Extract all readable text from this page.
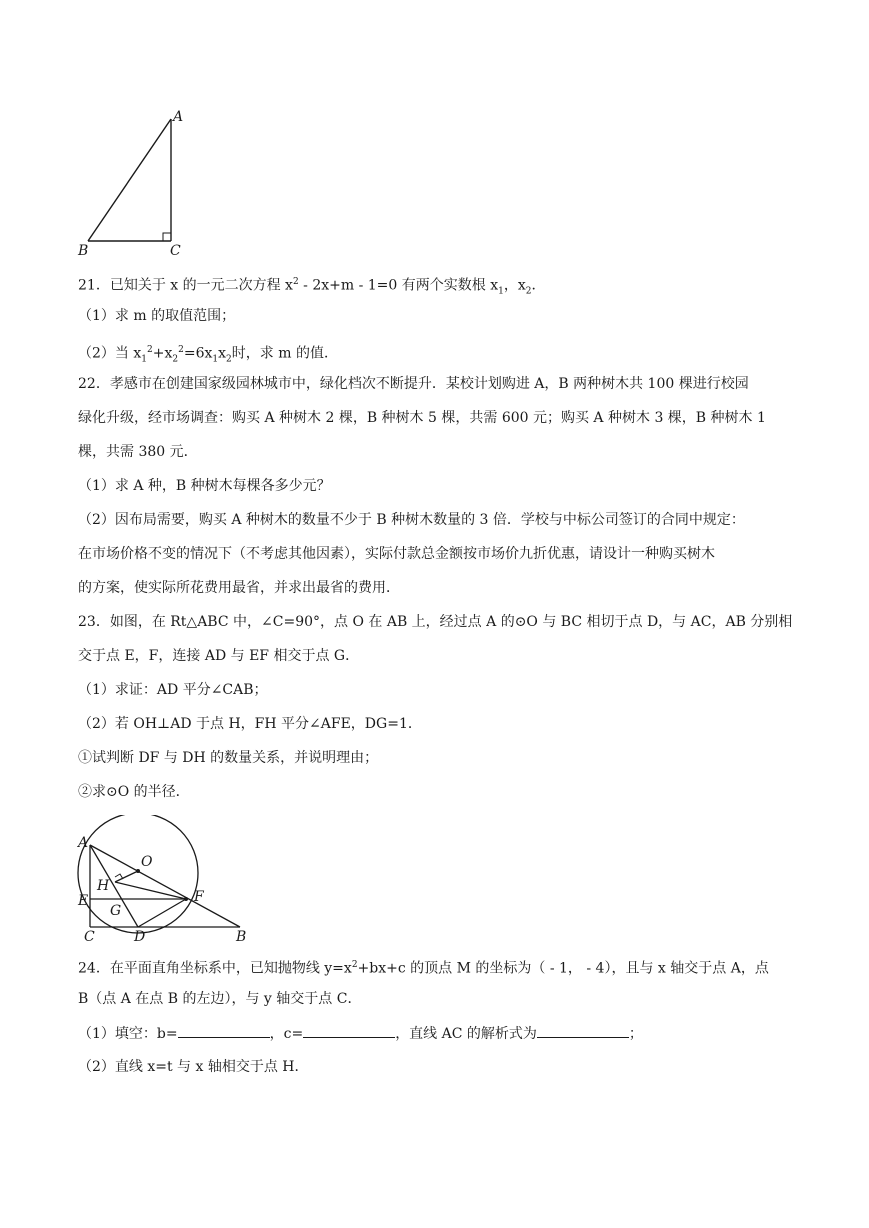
A
B	C
21．已知关于 x 的一元二次方程 $x^2 - 2x+m - 1=0$ 有两个实数根 $x_1$，$x_2$．
（1）求 m 的取值范围；
（2）当 $x_1^2+x_2^2=6x_1x_2$时，求 m 的值．
22．孝感市在创建国家级园林城市中，绿化档次不断提升．某校计划购进 A，B 两种树木共 100 棵进行校园
绿化升级，经市场调查：购买 A 种树木 2 棵，B 种树木 5 棵，共需 600 元；购买 A 种树木 3 棵，B 种树木 1
棵，共需 380 元．
（1）求 A 种，B 种树木每棵各多少元？
（2）因布局需要，购买 A 种树木的数量不少于 B 种树木数量的 3 倍．学校与中标公司签订的合同中规定：
在市场价格不变的情况下（不考虑其他因素），实际付款总金额按市场价九折优惠，请设计一种购买树木
的方案，使实际所花费用最省，并求出最省的费用．
23．如图，在 Rt△ABC 中，∠C=90°，点 O 在 AB 上，经过点 A 的⊙O 与 BC 相切于点 D，与 AC，AB 分别相
交于点 E，F，连接 AD 与 EF 相交于点 G．
（1）求证：AD 平分∠CAB；
（2）若 OH⊥AD 于点 H，FH 平分∠AFE，DG=1．
①试判断 DF 与 DH 的数量关系，并说明理由；
②求⊙O 的半径．
A
O
H
F
E
G
C	D	B
24．在平面直角坐标系中，已知抛物线 $y=x^2+bx+c$ 的顶点 M 的坐标为（ - 1， - 4），且与 x 轴交于点 A，点
B（点 A 在点 B 的左边），与 y 轴交于点 C．
（1）填空：b=	，c=	，直线 AC 的解析式为	；
（2）直线 x=t 与 x 轴相交于点 H．
